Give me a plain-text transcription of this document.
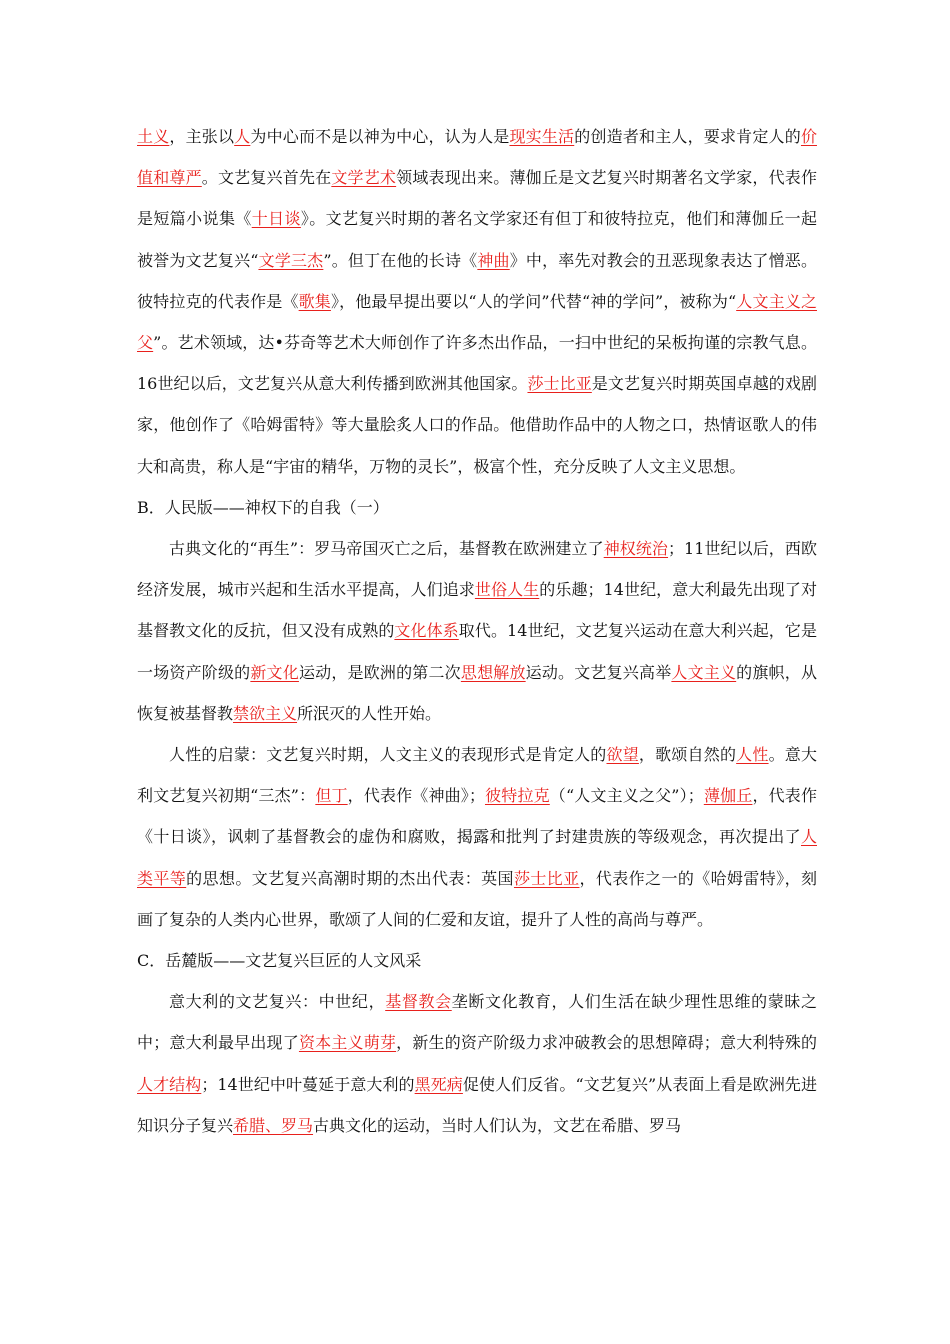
土义，主张以人为中心而不是以神为中心，认为人是现实生活的创造者和主人，要求肯定人的价值和尊严。文艺复兴首先在文学艺术领域表现出来。薄伽丘是文艺复兴时期著名文学家，代表作是短篇小说集《十日谈》。文艺复兴时期的著名文学家还有但丁和彼特拉克，他们和薄伽丘一起被誉为文艺复兴“文学三杰”。但丁在他的长诗《神曲》中，率先对教会的丑恶现象表达了憎恶。彼特拉克的代表作是《歌集》，他最早提出要以“人的学问”代替“神的学问”，被称为“人文主义之父”。艺术领域，达•芬奇等艺术大师创作了许多杰出作品，一扫中世纪的呆板拘谨的宗教气息。16世纪以后，文艺复兴从意大利传播到欧洲其他国家。莎士比亚是文艺复兴时期英国卓越的戏剧家，他创作了《哈姆雷特》等大量脍炙人口的作品。他借助作品中的人物之口，热情讴歌人的伟大和高贵，称人是“宇宙的精华，万物的灵长”，极富个性，充分反映了人文主义思想。

B．人民版——神权下的自我（一）

古典文化的“再生”：罗马帝国灭亡之后，基督教在欧洲建立了神权统治；11世纪以后，西欧经济发展，城市兴起和生活水平提高，人们追求世俗人生的乐趣；14世纪，意大利最先出现了对基督教文化的反抗，但又没有成熟的文化体系取代。14世纪，文艺复兴运动在意大利兴起，它是一场资产阶级的新文化运动，是欧洲的第二次思想解放运动。文艺复兴高举人文主义的旗帜，从恢复被基督教禁欲主义所泯灭的人性开始。

人性的启蒙：文艺复兴时期，人文主义的表现形式是肯定人的欲望，歌颂自然的人性。意大利文艺复兴初期“三杰”：但丁，代表作《神曲》；彼特拉克（“人文主义之父”）；薄伽丘，代表作《十日谈》，讽刺了基督教会的虚伪和腐败，揭露和批判了封建贵族的等级观念，再次提出了人类平等的思想。文艺复兴高潮时期的杰出代表：英国莎士比亚，代表作之一的《哈姆雷特》，刻画了复杂的人类内心世界，歌颂了人间的仁爱和友谊，提升了人性的高尚与尊严。

C．岳麓版——文艺复兴巨匠的人文风采

意大利的文艺复兴：中世纪，基督教会垄断文化教育，人们生活在缺少理性思维的蒙昧之中；意大利最早出现了资本主义萌芽，新生的资产阶级力求冲破教会的思想障碍；意大利特殊的人才结构；14世纪中叶蔓延于意大利的黑死病促使人们反省。“文艺复兴”从表面上看是欧洲先进知识分子复兴希腊、罗马古典文化的运动，当时人们认为，文艺在希腊、罗马
